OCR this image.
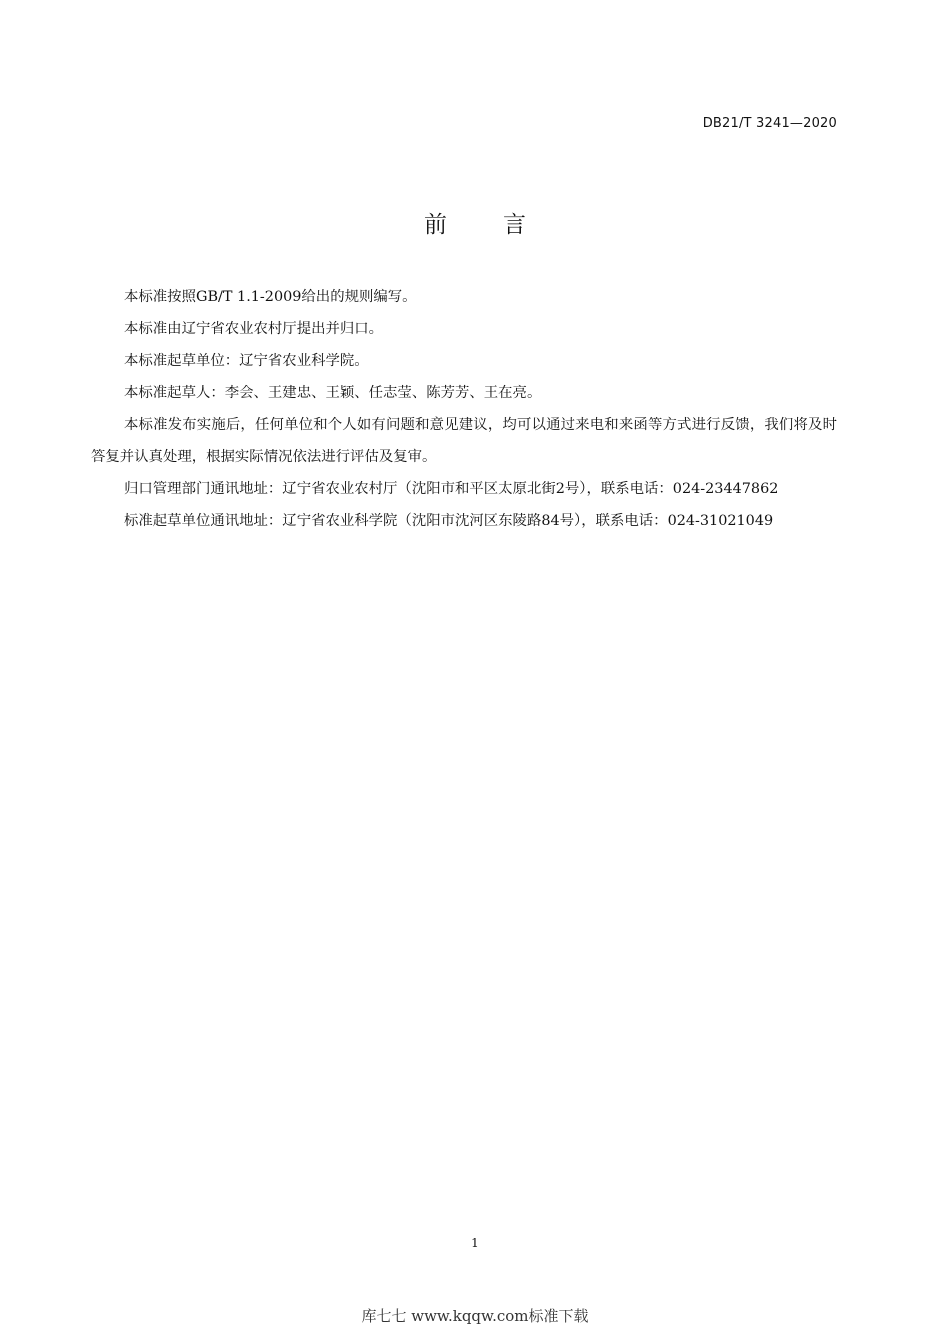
DB21/T 3241—2020
前言

本标准按照GB/T 1.1-2009给出的规则编写。

本标准由辽宁省农业农村厅提出并归口。

本标准起草单位：辽宁省农业科学院。

本标准起草人：李会、王建忠、王颖、任志莹、陈芳芳、王在亮。

本标准发布实施后，任何单位和个人如有问题和意见建议，均可以通过来电和来函等方式进行反馈，我们将及时答复并认真处理，根据实际情况依法进行评估及复审。

归口管理部门通讯地址：辽宁省农业农村厅（沈阳市和平区太原北街2号），联系电话：024-23447862

标准起草单位通讯地址：辽宁省农业科学院（沈阳市沈河区东陵路84号），联系电话：024-31021049

1
库七七 www.kqqw.com标准下载
